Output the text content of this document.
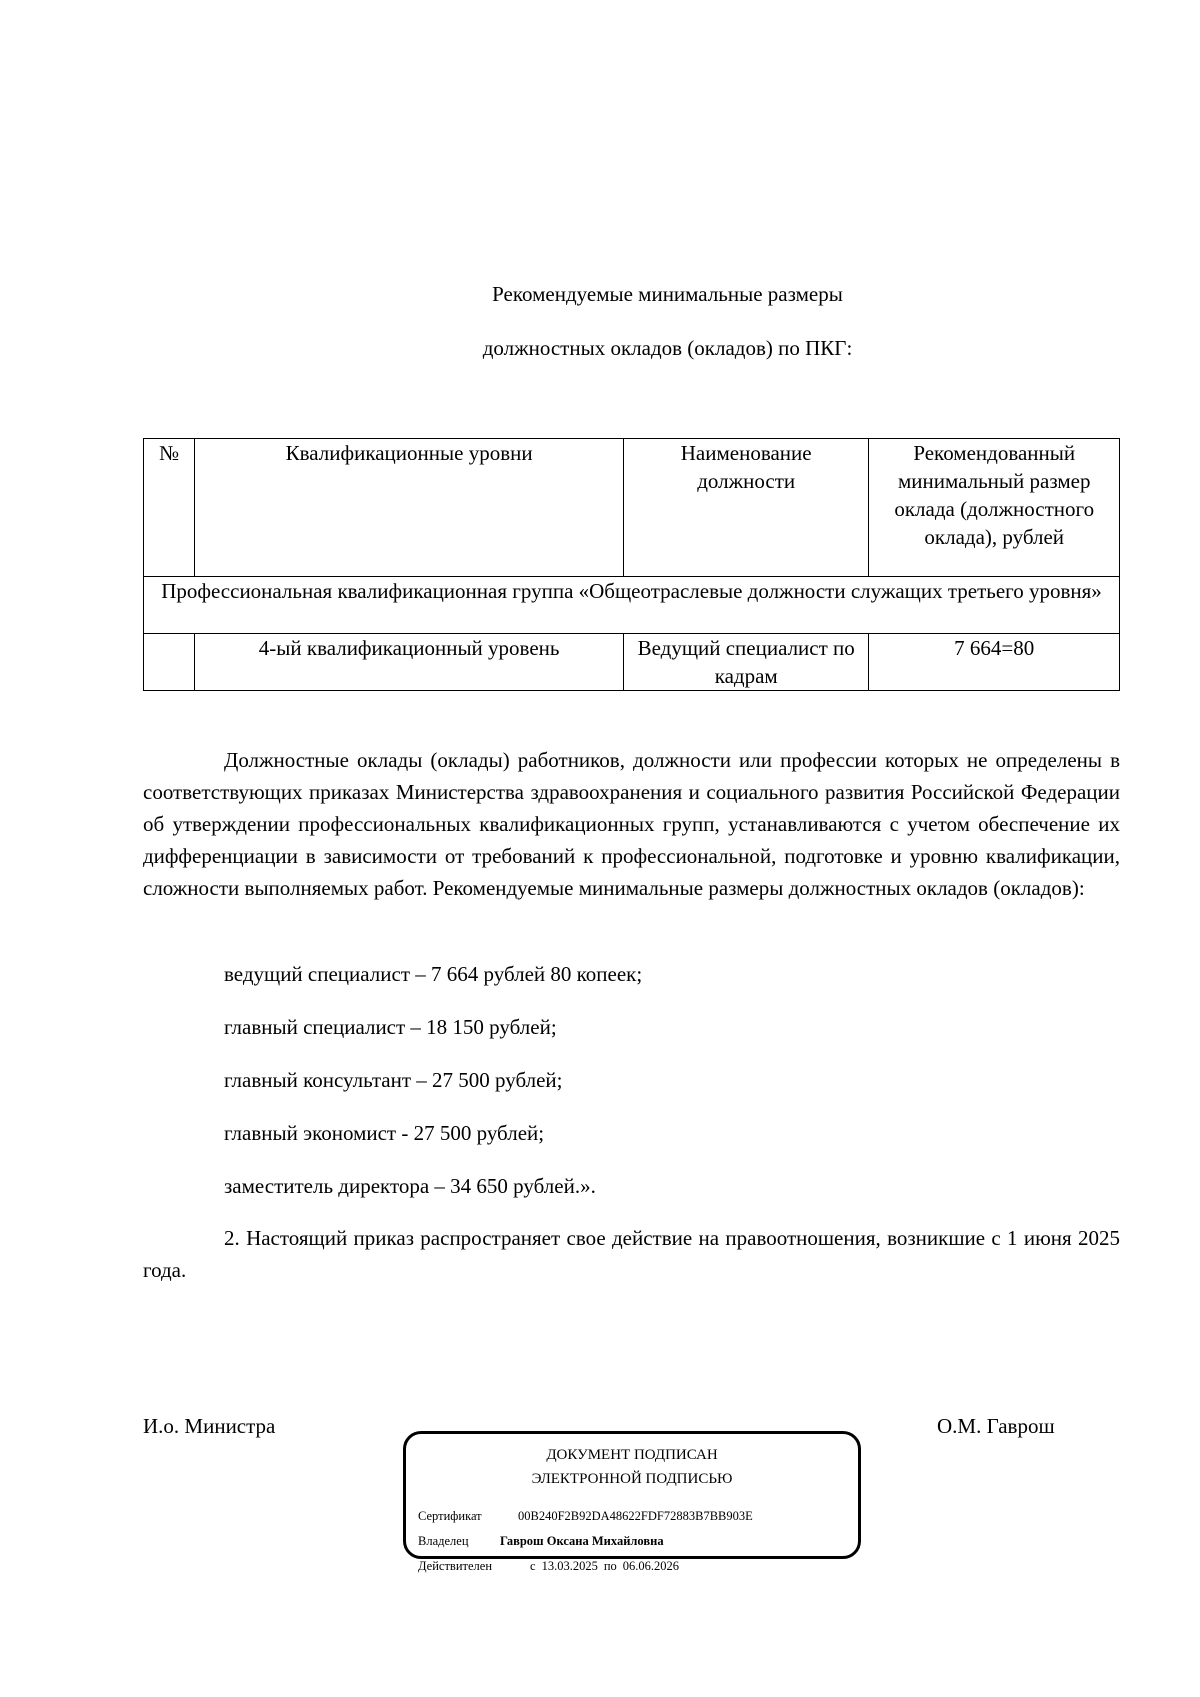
Рекомендуемые минимальные размеры
должностных окладов (окладов) по ПКГ:
№	Квалификационные уровни	Наименование должности	Рекомендованный минимальный размер оклада (должностного оклада), рублей
Профессиональная квалификационная группа «Общеотраслевые должности служащих третьего уровня»			
	4-ый квалификационный уровень	Ведущий специалист по кадрам	7 664=80

Должностные оклады (оклады) работников, должности или профессии которых не определены в соответствующих приказах Министерства здравоохранения и социального развития Российской Федерации об утверждении профессиональных квалификационных групп, устанавливаются с учетом обеспечение их дифференциации в зависимости от требований к профессиональной, подготовке и уровню квалификации, сложности выполняемых работ. Рекомендуемые минимальные размеры должностных окладов (окладов):

ведущий специалист – 7 664 рублей 80 копеек;
главный специалист – 18 150 рублей;
главный консультант – 27 500 рублей;
главный экономист - 27 500 рублей;
заместитель директора – 34 650 рублей.».

2. Настоящий приказ распространяет свое действие на правоотношения, возникшие с 1 июня 2025 года.

И.о. Министра	О.М. Гаврош
ДОКУМЕНТ ПОДПИСАН
ЭЛЕКТРОННОЙ ПОДПИСЬЮ
Сертификат	00B240F2B92DA48622FDF72883B7BB903E
Владелец	Гаврош Оксана Михайловна
Действителен	с 13.03.2025 по 06.06.2026
